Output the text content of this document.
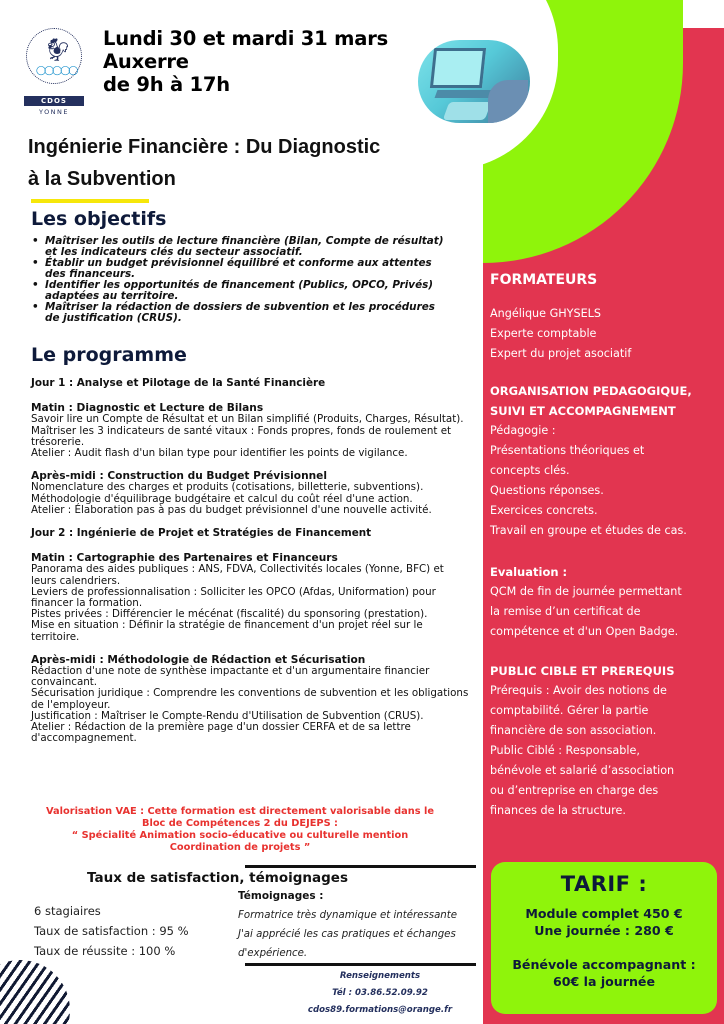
🐓︎
◯◯◯◯◯
CDOS
YONNE
Lundi 30 et mardi 31 mars
Auxerre
de 9h à 17h
Ingénierie Financière : Du Diagnostic
à la Subvention
Les objectifs
• Maîtriser les outils de lecture financière (Bilan, Compte de résultat) et les indicateurs clés du secteur associatif.
• Établir un budget prévisionnel équilibré et conforme aux attentes des financeurs.
• Identifier les opportunités de financement (Publics, OPCO, Privés) adaptées au territoire.
• Maîtriser la rédaction de dossiers de subvention et les procédures de justification (CRUS).
Le programme
Jour 1 : Analyse et Pilotage de la Santé Financière

Matin : Diagnostic et Lecture de Bilans

Savoir lire un Compte de Résultat et un Bilan simplifié (Produits, Charges, Résultat).

Maîtriser les 3 indicateurs de santé vitaux : Fonds propres, fonds de roulement et trésorerie.

Atelier : Audit flash d'un bilan type pour identifier les points de vigilance.

Après-midi : Construction du Budget Prévisionnel

Nomenclature des charges et produits (cotisations, billetterie, subventions).

Méthodologie d'équilibrage budgétaire et calcul du coût réel d'une action.

Atelier : Élaboration pas à pas du budget prévisionnel d'une nouvelle activité.

Jour 2 : Ingénierie de Projet et Stratégies de Financement

Matin : Cartographie des Partenaires et Financeurs

Panorama des aides publiques : ANS, FDVA, Collectivités locales (Yonne, BFC) et leurs calendriers.

Leviers de professionnalisation : Solliciter les OPCO (Afdas, Uniformation) pour financer la formation.

Pistes privées : Différencier le mécénat (fiscalité) du sponsoring (prestation).

Mise en situation : Définir la stratégie de financement d'un projet réel sur le territoire.

Après-midi : Méthodologie de Rédaction et Sécurisation

Rédaction d'une note de synthèse impactante et d'un argumentaire financier convaincant.

Sécurisation juridique : Comprendre les conventions de subvention et les obligations de l'employeur.

Justification : Maîtriser le Compte-Rendu d'Utilisation de Subvention (CRUS).

Atelier : Rédaction de la première page d'un dossier CERFA et de sa lettre d'accompagnement.

Valorisation VAE : Cette formation est directement valorisable dans le
Bloc de Compétences 2 du DEJEPS :
“ Spécialité Animation socio-éducative ou culturelle mention
Coordination de projets ”
Taux de satisfaction, témoignages
6 stagiaires
Taux de satisfaction : 95 %
Taux de réussite : 100 %
Témoignages :
Formatrice très dynamique et intéressante
J'ai apprécié les cas pratiques et échanges d'expérience.
Renseignements
Tél : 03.86.52.09.92
cdos89.formations@orange.fr
FORMATEURS
Angélique GHYSELS
Experte comptable
Expert du projet asociatif
ORGANISATION PEDAGOGIQUE,
SUIVI ET ACCOMPAGNEMENT
Pédagogie :
Présentations théoriques et
concepts clés.
Questions réponses.
Exercices concrets.
Travail en groupe et études de cas.
Evaluation :
QCM de fin de journée permettant
la remise d’un certificat de
compétence et d'un Open Badge.
PUBLIC CIBLE ET PREREQUIS
Prérequis : Avoir des notions de
comptabilité. Gérer la partie
financière de son association.
Public Ciblé : Responsable,
bénévole et salarié d’association
ou d’entreprise en charge des
finances de la structure.
TARIF :
Module complet 450 €
Une journée : 280 €
Bénévole accompagnant :
60€ la journée
